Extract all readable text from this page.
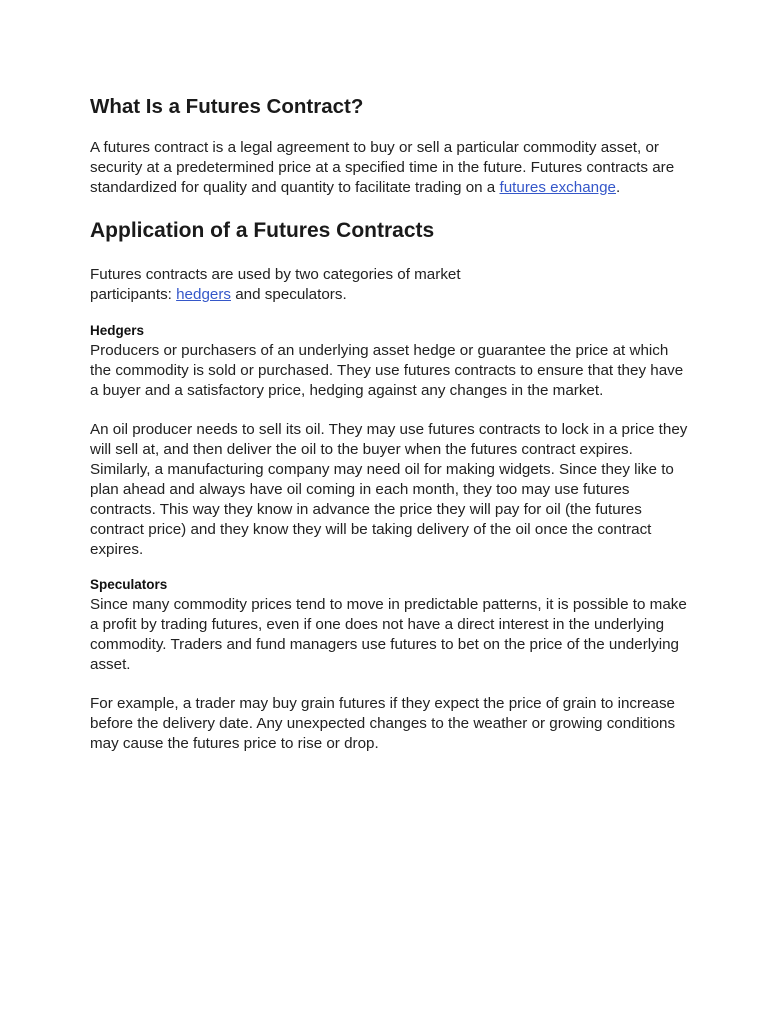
What Is a Futures Contract?

A futures contract is a legal agreement to buy or sell a particular commodity asset, or security at a predetermined price at a specified time in the future. Futures contracts are standardized for quality and quantity to facilitate trading on a futures exchange.

Application of a Futures Contracts

Futures contracts are used by two categories of market participants: hedgers and speculators.

Hedgers

Producers or purchasers of an underlying asset hedge or guarantee the price at which the commodity is sold or purchased. They use futures contracts to ensure that they have a buyer and a satisfactory price, hedging against any changes in the market.

An oil producer needs to sell its oil. They may use futures contracts to lock in a price they will sell at, and then deliver the oil to the buyer when the futures contract expires. Similarly, a manufacturing company may need oil for making widgets. Since they like to plan ahead and always have oil coming in each month, they too may use futures contracts. This way they know in advance the price they will pay for oil (the futures contract price) and they know they will be taking delivery of the oil once the contract expires.

Speculators

Since many commodity prices tend to move in predictable patterns, it is possible to make a profit by trading futures, even if one does not have a direct interest in the underlying commodity. Traders and fund managers use futures to bet on the price of the underlying asset.

For example, a trader may buy grain futures if they expect the price of grain to increase before the delivery date. Any unexpected changes to the weather or growing conditions may cause the futures price to rise or drop.
